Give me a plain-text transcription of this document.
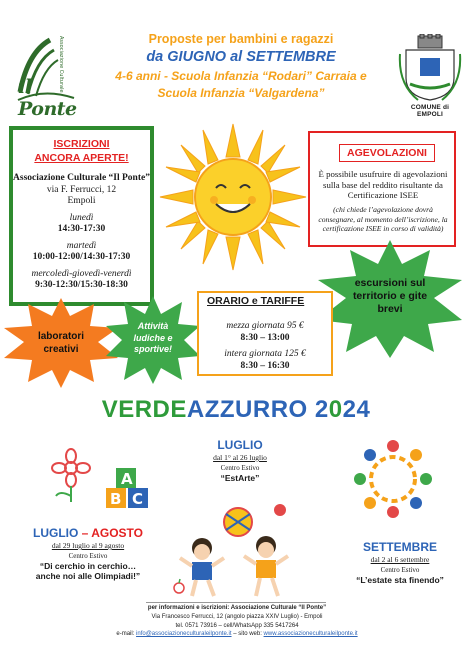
Associazione Culturale
il Ponte
Proposte per bambini e ragazzi
da GIUGNO al SETTEMBRE
4-6 anni - Scuola Infanzia “Rodari” Carraia e
Scuola Infanzia “Valgardena”
COMUNE di EMPOLI
ISCRIZIONI
ANCORA APERTE!
Associazione Culturale “Il Ponte”
via F. Ferrucci, 12
Empoli
lunedì
14:30-17:30
martedì
10:00-12:00/14:30-17:30
mercoledì-giovedì-venerdì
9:30-12:30/15:30-18:30
AGEVOLAZIONI
È possibile usufruire di agevolazioni sulla base del reddito risultante da Certificazione ISEE
(chi chiede l’agevolazione dovrà consegnare, al momento dell’iscrizione, la certificazione ISEE in corso di validità)
escursioni sul territorio e gite brevi
laboratori creativi
Attività ludiche e sportive!
ORARIO e TARIFFE
mezza giornata 95 €
8:30 – 13:00
intera giornata 125 €
8:30 – 16:30
VERDEAZZURRO 2024
LUGLIO
dal 1° al 26 luglio
Centro Estivo
“EstArte”
A
B C
LUGLIO – AGOSTO
dal 29 luglio al 9 agosto
Centro Estivo
“Di cerchio in cerchio…
anche noi alle Olimpiadi!”
SETTEMBRE
dal 2 al 6 settembre
Centro Estivo
“L’estate sta finendo”
per informazioni e iscrizioni: Associazione Culturale “Il Ponte”
Via Francesco Ferrucci, 12 (angolo piazza XXIV Luglio) - Empoli
tel. 0571 73916 – cell/WhatsApp 335 5417264
e-mail: info@associazioneculturaleilponte.it – sito web: www.associazioneculturaleilponte.it
